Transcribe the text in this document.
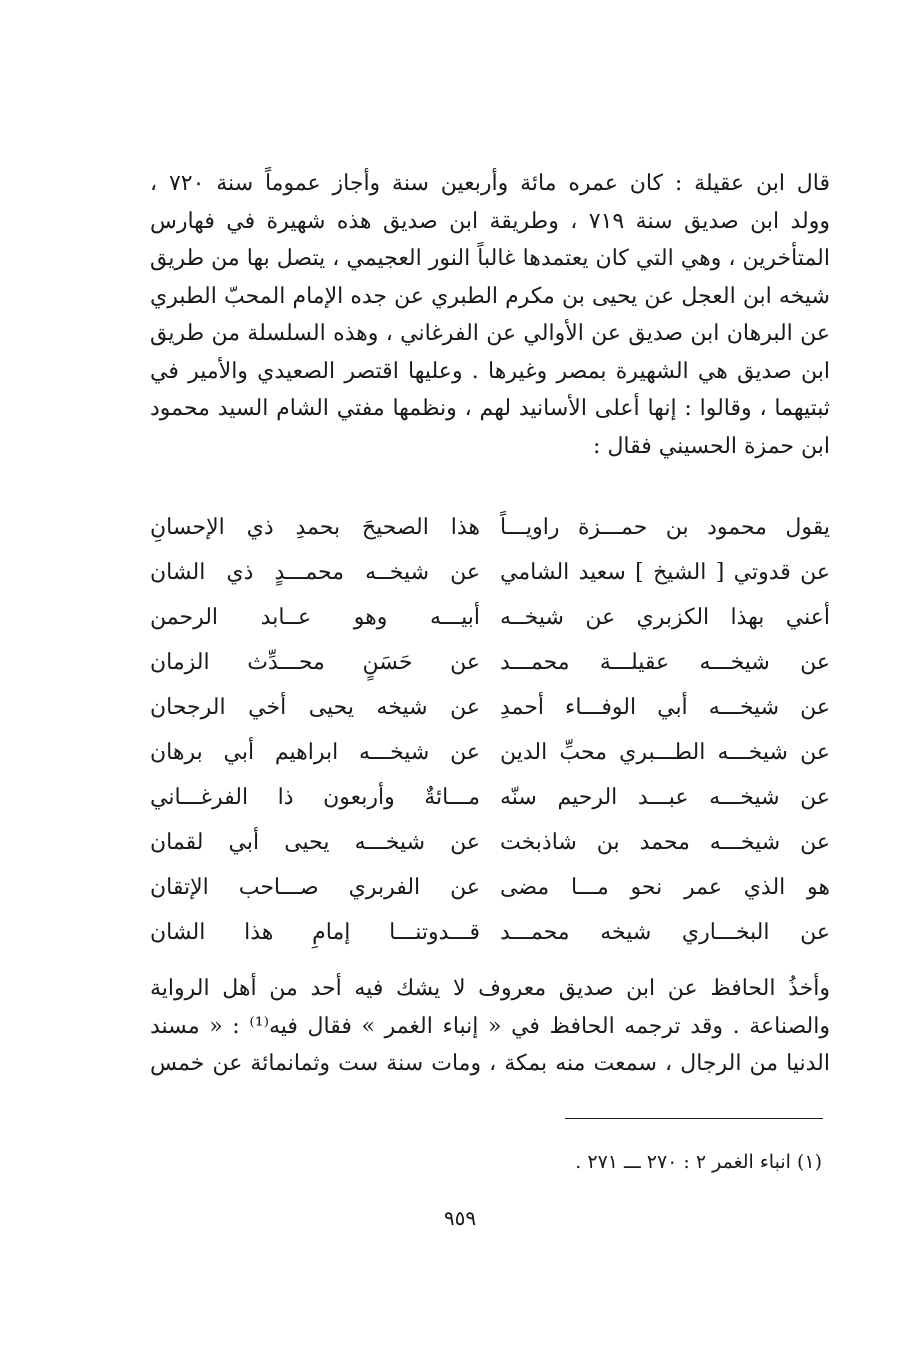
قال ابن عقيلة : كان عمره مائة وأربعين سنة وأجاز عموماً سنة ٧٢٠ ،
وولد ابن صديق سنة ٧١٩ ، وطريقة ابن صديق هذه شهيرة في فهارس
المتأخرين ، وهي التي كان يعتمدها غالباً النور العجيمي ، يتصل بها من طريق
شيخه ابن العجل عن يحيى بن مكرم الطبري عن جده الإمام المحبّ الطبري
عن البرهان ابن صديق عن الأوالي عن الفرغاني ، وهذه السلسلة من طريق
ابن صديق هي الشهيرة بمصر وغيرها . وعليها اقتصر الصعيدي والأمير في
ثبتيهما ، وقالوا : إنها أعلى الأسانيد لهم ، ونظمها مفتي الشام السيد محمود
ابن حمزة الحسيني فقال :
يقول محمود بن حمـــزة راويـــاً
هذا الصحيحَ بحمدِ ذي الإحسانِ
عن قدوتي [ الشيخ ] سعيد الشامي
عن شيخــه محمـــدٍ ذي الشان
أعني بهذا الكزبري عن شيخــه
أبيـــه وهو عــابد الرحمن
عن شيخـــه عقيلـــة محمـــد
عن حَسَنٍ محـــدِّث الزمان
عن شيخـــه أبي الوفـــاء أحمدِ
عن شيخه يحيى أخي الرجحان
عن شيخـــه الطـــبري محبِّ الدين
عن شيخـــه ابراهيم أبي برهان
عن شيخـــه عبـــد الرحيم سنّه
مـــائةٌ وأربعون ذا الفرغـــاني
عن شيخـــه محمد بن شاذبخت
عن شيخـــه يحيى أبي لقمان
هو الذي عمر نحو مـــا مضى
عن الفربري صـــاحب الإتقان
عن البخـــاري شيخه محمـــد
قـــدوتنـــا إمامِ هذا الشان
وأخذُ الحافظ عن ابن صديق معروف لا يشك فيه أحد من أهل الرواية
والصناعة . وقد ترجمه الحافظ في « إنباء الغمر » فقال فيه⁽¹⁾ : « مسند
الدنيا من الرجال ، سمعت منه بمكة ، ومات سنة ست وثمانمائة عن خمس
(١) انباء الغمر ٢ : ٢٧٠ ـــ ٢٧١ .
٩٥٩
